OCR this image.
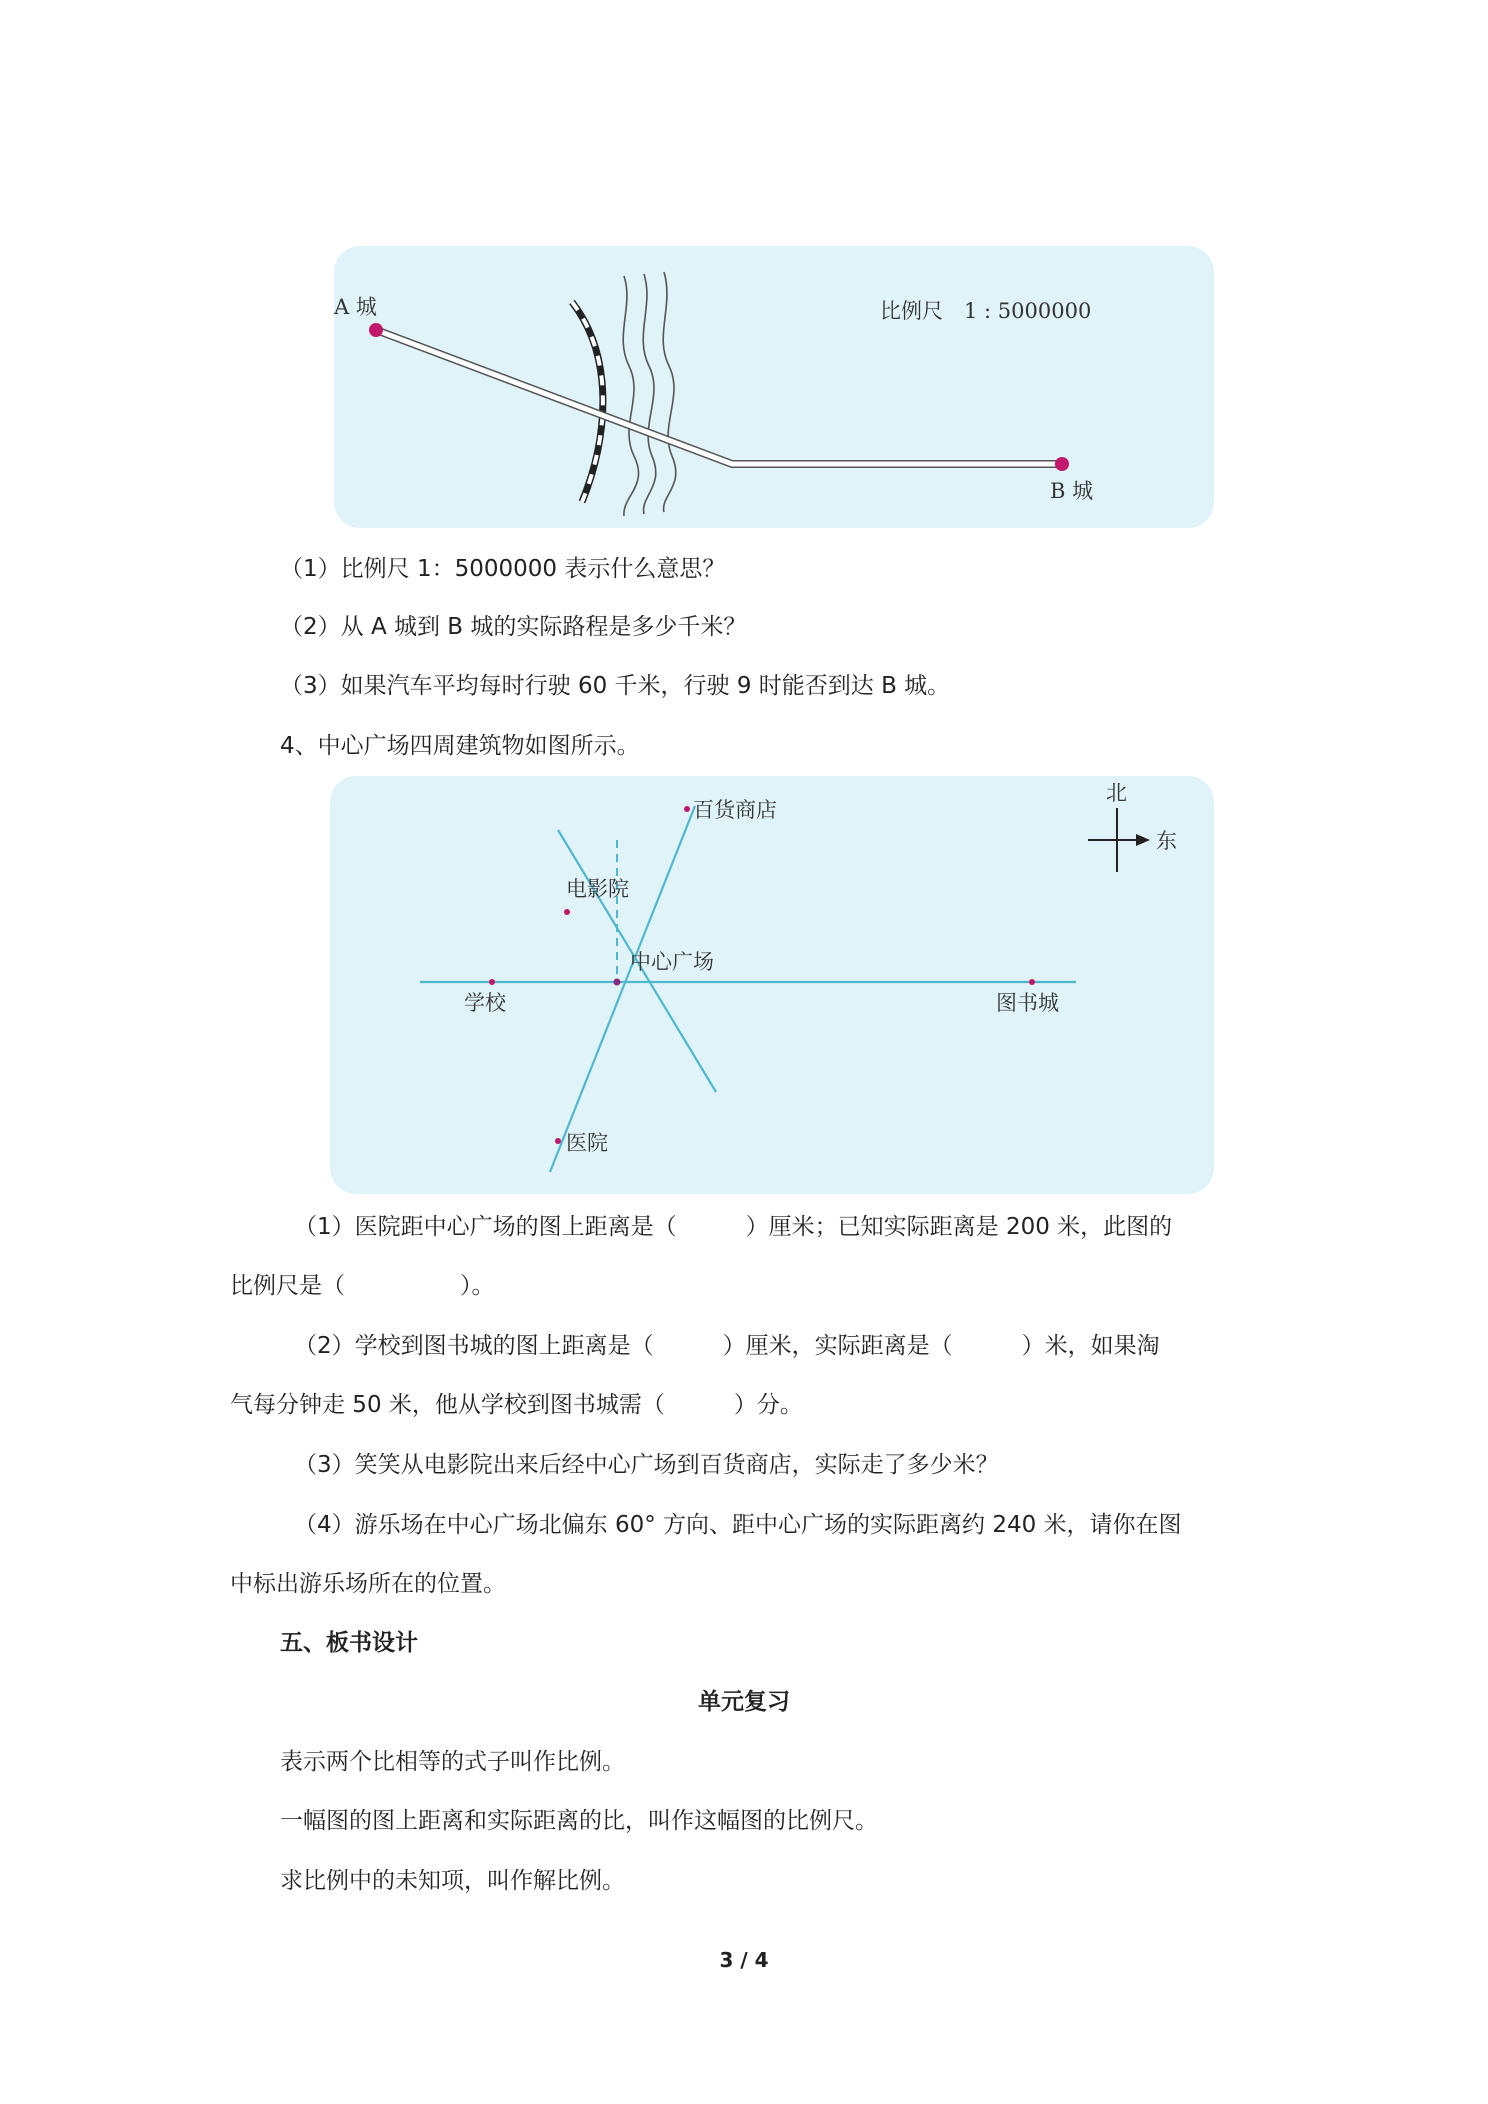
A 城
B 城
比例尺　1 : 5000000
（1）比例尺 1：5000000 表示什么意思？
（2）从 A 城到 B 城的实际路程是多少千米？
（3）如果汽车平均每时行驶 60 千米，行驶 9 时能否到达 B 城。
4、中心广场四周建筑物如图所示。
百货商店
中心广场
电影院
学校	图书城
医院
北
东
（1）医院距中心广场的图上距离是（　　　）厘米；已知实际距离是 200 米，此图的
比例尺是（　　　　　）。
（2）学校到图书城的图上距离是（　　　）厘米，实际距离是（　　　）米，如果淘
气每分钟走 50 米，他从学校到图书城需（　　　）分。
（3）笑笑从电影院出来后经中心广场到百货商店，实际走了多少米？
（4）游乐场在中心广场北偏东 60° 方向、距中心广场的实际距离约 240 米，请你在图
中标出游乐场所在的位置。
五、板书设计
单元复习
表示两个比相等的式子叫作比例。
一幅图的图上距离和实际距离的比，叫作这幅图的比例尺。
求比例中的未知项，叫作解比例。
3 / 4
